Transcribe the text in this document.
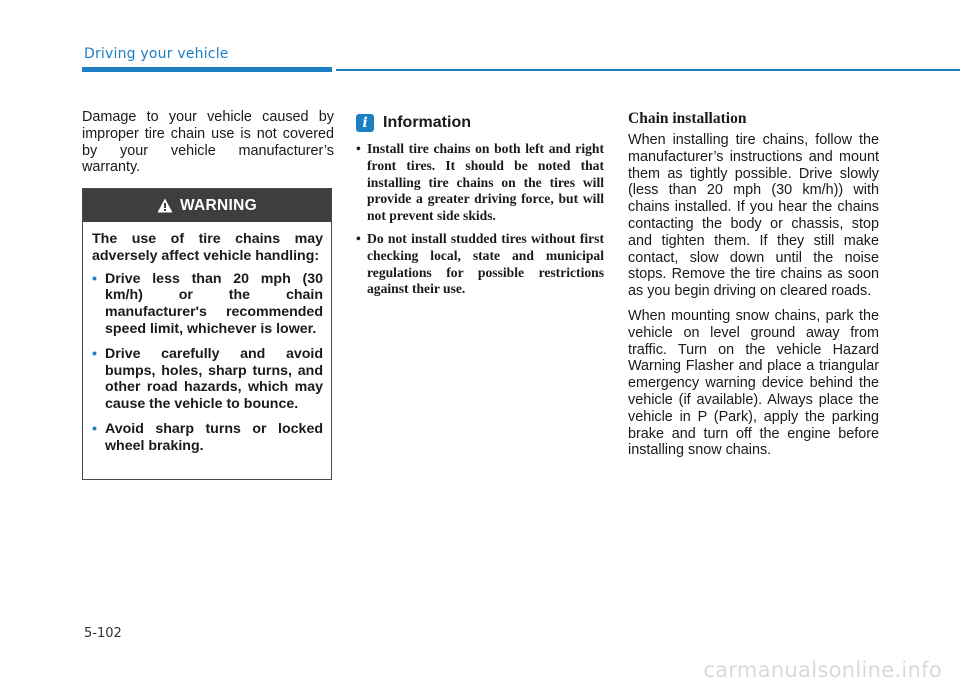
Driving your vehicle

Damage to your vehicle caused by improper tire chain use is not covered by your vehicle manufacturer’s warranty.

WARNING

The use of tire chains may adversely affect vehicle handling:

• Drive less than 20 mph (30 km/h) or the chain manufacturer's recommended speed limit, whichever is lower.
• Drive carefully and avoid bumps, holes, sharp turns, and other road hazards, which may cause the vehicle to bounce.
• Avoid sharp turns or locked wheel braking.
i Information
• Install tire chains on both left and right front tires. It should be noted that installing tire chains on the tires will provide a greater driving force, but will not prevent side skids.
• Do not install studded tires without first checking local, state and municipal regulations for possible restrictions against their use.
Chain installation

When installing tire chains, follow the manufacturer’s instructions and mount them as tightly possible. Drive slowly (less than 20 mph (30 km/h)) with chains installed. If you hear the chains contacting the body or chassis, stop and tighten them. If they still make contact, slow down until the noise stops. Remove the tire chains as soon as you begin driving on cleared roads.

When mounting snow chains, park the vehicle on level ground away from traffic. Turn on the vehicle Hazard Warning Flasher and place a triangular emergency warning device behind the vehicle (if available). Always place the vehicle in P (Park), apply the parking brake and turn off the engine before installing snow chains.

5-102
carmanualsonline.info
